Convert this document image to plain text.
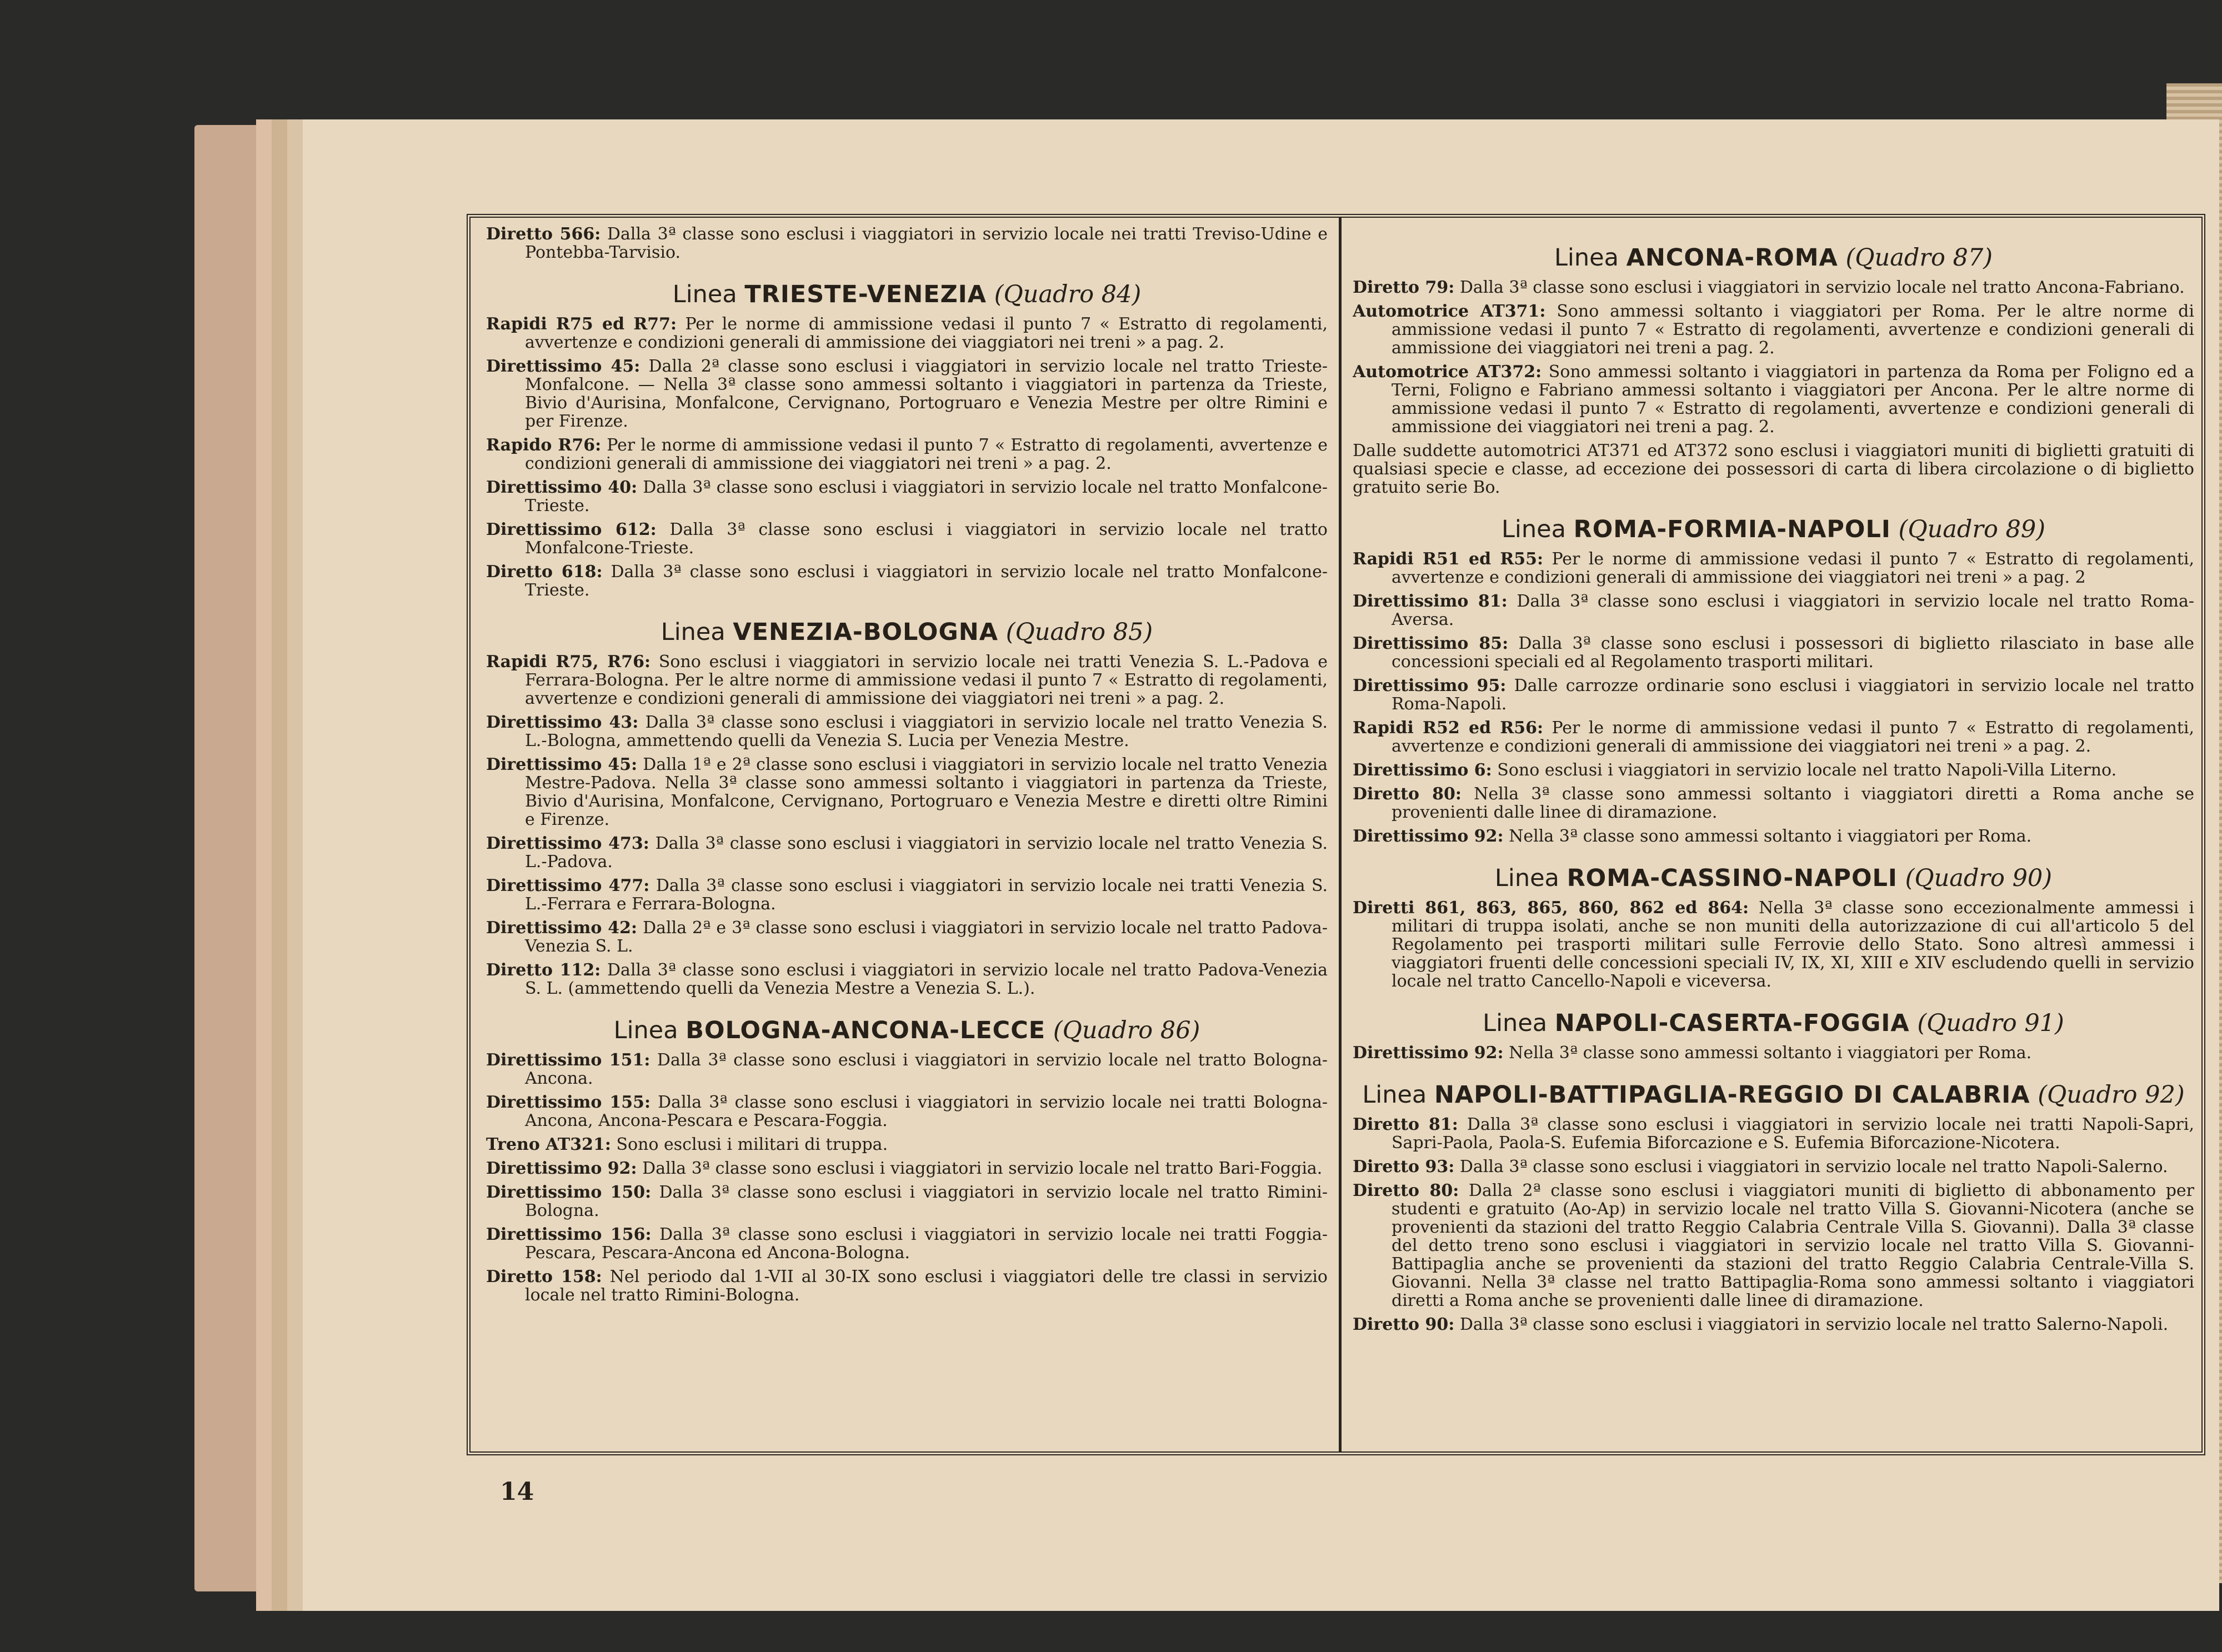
Diretto 566: Dalla 3ª classe sono esclusi i viaggiatori in servizio locale nei tratti Treviso-Udine e Pontebba-Tarvisio.
Linea TRIESTE-VENEZIA (Quadro 84)
Rapidi R75 ed R77: Per le norme di ammissione vedasi il punto 7 « Estratto di regolamenti, avvertenze e condizioni generali di ammissione dei viaggiatori nei treni » a pag. 2.
Direttissimo 45: Dalla 2ª classe sono esclusi i viaggiatori in servizio locale nel tratto Trieste-Monfalcone. — Nella 3ª classe sono ammessi soltanto i viaggiatori in partenza da Trieste, Bivio d'Aurisina, Monfalcone, Cervignano, Portogruaro e Venezia Mestre per oltre Rimini e per Firenze.
Rapido R76: Per le norme di ammissione vedasi il punto 7 « Estratto di regolamenti, avvertenze e condizioni generali di ammissione dei viaggiatori nei treni » a pag. 2.
Direttissimo 40: Dalla 3ª classe sono esclusi i viaggiatori in servizio locale nel tratto Monfalcone-Trieste.
Direttissimo 612: Dalla 3ª classe sono esclusi i viaggiatori in servizio locale nel tratto Monfalcone-Trieste.
Diretto 618: Dalla 3ª classe sono esclusi i viaggiatori in servizio locale nel tratto Monfalcone-Trieste.
Linea VENEZIA-BOLOGNA (Quadro 85)
Rapidi R75, R76: Sono esclusi i viaggiatori in servizio locale nei tratti Venezia S. L.-Padova e Ferrara-Bologna. Per le altre norme di ammissione vedasi il punto 7 « Estratto di regolamenti, avvertenze e condizioni generali di ammissione dei viaggiatori nei treni » a pag. 2.
Direttissimo 43: Dalla 3ª classe sono esclusi i viaggiatori in servizio locale nel tratto Venezia S. L.-Bologna, ammettendo quelli da Venezia S. Lucia per Venezia Mestre.
Direttissimo 45: Dalla 1ª e 2ª classe sono esclusi i viaggiatori in servizio locale nel tratto Venezia Mestre-Padova. Nella 3ª classe sono ammessi soltanto i viaggiatori in partenza da Trieste, Bivio d'Aurisina, Monfalcone, Cervignano, Portogruaro e Venezia Mestre e diretti oltre Rimini e Firenze.
Direttissimo 473: Dalla 3ª classe sono esclusi i viaggiatori in servizio locale nel tratto Venezia S. L.-Padova.
Direttissimo 477: Dalla 3ª classe sono esclusi i viaggiatori in servizio locale nei tratti Venezia S. L.-Ferrara e Ferrara-Bologna.
Direttissimo 42: Dalla 2ª e 3ª classe sono esclusi i viaggiatori in servizio locale nel tratto Padova-Venezia S. L.
Diretto 112: Dalla 3ª classe sono esclusi i viaggiatori in servizio locale nel tratto Padova-Venezia S. L. (ammettendo quelli da Venezia Mestre a Venezia S. L.).
Linea BOLOGNA-ANCONA-LECCE (Quadro 86)
Direttissimo 151: Dalla 3ª classe sono esclusi i viaggiatori in servizio locale nel tratto Bologna-Ancona.
Direttissimo 155: Dalla 3ª classe sono esclusi i viaggiatori in servizio locale nei tratti Bologna-Ancona, Ancona-Pescara e Pescara-Foggia.
Treno AT321: Sono esclusi i militari di truppa.
Direttissimo 92: Dalla 3ª classe sono esclusi i viaggiatori in servizio locale nel tratto Bari-Foggia.
Direttissimo 150: Dalla 3ª classe sono esclusi i viaggiatori in servizio locale nel tratto Rimini-Bologna.
Direttissimo 156: Dalla 3ª classe sono esclusi i viaggiatori in servizio locale nei tratti Foggia-Pescara, Pescara-Ancona ed Ancona-Bologna.
Diretto 158: Nel periodo dal 1-VII al 30-IX sono esclusi i viaggiatori delle tre classi in servizio locale nel tratto Rimini-Bologna.
Linea ANCONA-ROMA (Quadro 87)
Diretto 79: Dalla 3ª classe sono esclusi i viaggiatori in servizio locale nel tratto Ancona-Fabriano.
Automotrice AT371: Sono ammessi soltanto i viaggiatori per Roma. Per le altre norme di ammissione vedasi il punto 7 « Estratto di regolamenti, avvertenze e condizioni generali di ammissione dei viaggiatori nei treni a pag. 2.
Automotrice AT372: Sono ammessi soltanto i viaggiatori in partenza da Roma per Foligno ed a Terni, Foligno e Fabriano ammessi soltanto i viaggiatori per Ancona. Per le altre norme di ammissione vedasi il punto 7 « Estratto di regolamenti, avvertenze e condizioni generali di ammissione dei viaggiatori nei treni a pag. 2.
Dalle suddette automotrici AT371 ed AT372 sono esclusi i viaggiatori muniti di biglietti gratuiti di qualsiasi specie e classe, ad eccezione dei possessori di carta di libera circolazione o di biglietto gratuito serie Bo.
Linea ROMA-FORMIA-NAPOLI (Quadro 89)
Rapidi R51 ed R55: Per le norme di ammissione vedasi il punto 7 « Estratto di regolamenti, avvertenze e condizioni generali di ammissione dei viaggiatori nei treni » a pag. 2
Direttissimo 81: Dalla 3ª classe sono esclusi i viaggiatori in servizio locale nel tratto Roma-Aversa.
Direttissimo 85: Dalla 3ª classe sono esclusi i possessori di biglietto rilasciato in base alle concessioni speciali ed al Regolamento trasporti militari.
Direttissimo 95: Dalle carrozze ordinarie sono esclusi i viaggiatori in servizio locale nel tratto Roma-Napoli.
Rapidi R52 ed R56: Per le norme di ammissione vedasi il punto 7 « Estratto di regolamenti, avvertenze e condizioni generali di ammissione dei viaggiatori nei treni » a pag. 2.
Direttissimo 6: Sono esclusi i viaggiatori in servizio locale nel tratto Napoli-Villa Literno.
Diretto 80: Nella 3ª classe sono ammessi soltanto i viaggiatori diretti a Roma anche se provenienti dalle linee di diramazione.
Direttissimo 92: Nella 3ª classe sono ammessi soltanto i viaggiatori per Roma.
Linea ROMA-CASSINO-NAPOLI (Quadro 90)
Diretti 861, 863, 865, 860, 862 ed 864: Nella 3ª classe sono eccezionalmente ammessi i militari di truppa isolati, anche se non muniti della autorizzazione di cui all'articolo 5 del Regolamento pei trasporti militari sulle Ferrovie dello Stato. Sono altresì ammessi i viaggiatori fruenti delle concessioni speciali IV, IX, XI, XIII e XIV escludendo quelli in servizio locale nel tratto Cancello-Napoli e viceversa.
Linea NAPOLI-CASERTA-FOGGIA (Quadro 91)
Direttissimo 92: Nella 3ª classe sono ammessi soltanto i viaggiatori per Roma.
Linea NAPOLI-BATTIPAGLIA-REGGIO DI CALABRIA (Quadro 92)
Diretto 81: Dalla 3ª classe sono esclusi i viaggiatori in servizio locale nei tratti Napoli-Sapri, Sapri-Paola, Paola-S. Eufemia Biforcazione e S. Eufemia Biforcazione-Nicotera.
Diretto 93: Dalla 3ª classe sono esclusi i viaggiatori in servizio locale nel tratto Napoli-Salerno.
Diretto 80: Dalla 2ª classe sono esclusi i viaggiatori muniti di biglietto di abbonamento per studenti e gratuito (Ao-Ap) in servizio locale nel tratto Villa S. Giovanni-Nicotera (anche se provenienti da stazioni del tratto Reggio Calabria Centrale Villa S. Giovanni). Dalla 3ª classe del detto treno sono esclusi i viaggiatori in servizio locale nel tratto Villa S. Giovanni-Battipaglia anche se provenienti da stazioni del tratto Reggio Calabria Centrale-Villa S. Giovanni. Nella 3ª classe nel tratto Battipaglia-Roma sono ammessi soltanto i viaggiatori diretti a Roma anche se provenienti dalle linee di diramazione.
Diretto 90: Dalla 3ª classe sono esclusi i viaggiatori in servizio locale nel tratto Salerno-Napoli.
14
